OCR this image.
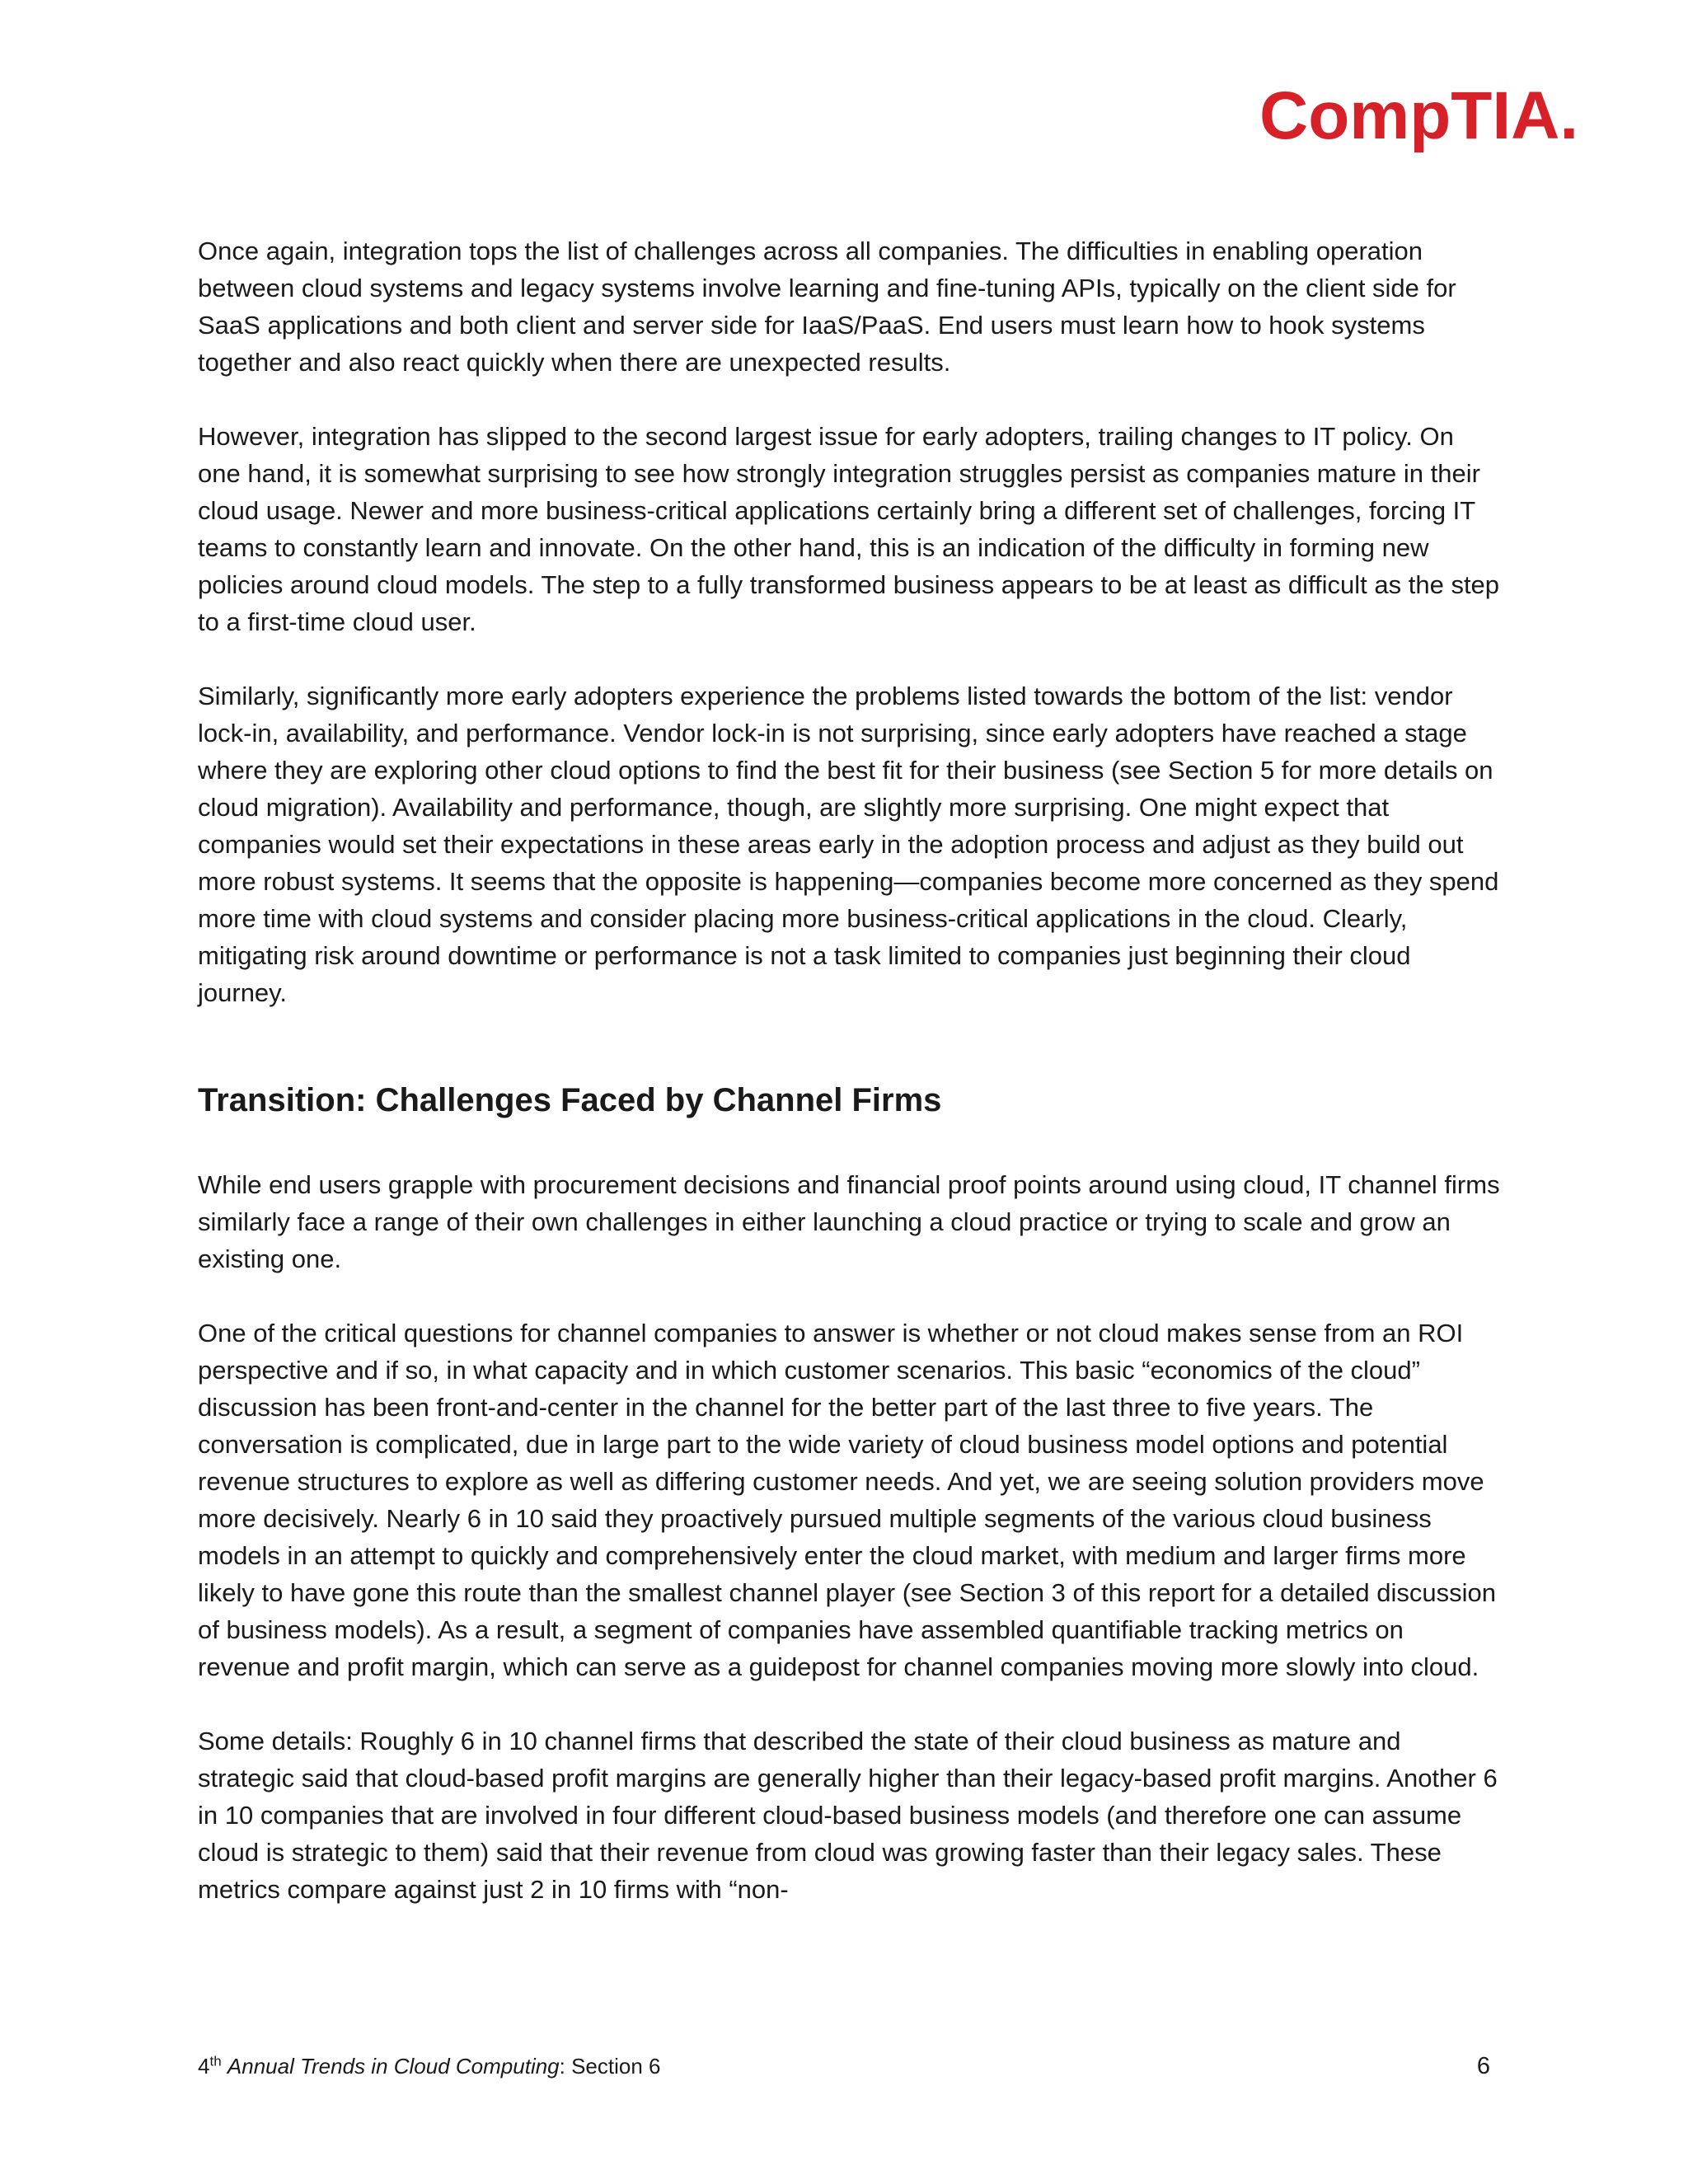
CompTIA.

Once again, integration tops the list of challenges across all companies. The difficulties in enabling operation between cloud systems and legacy systems involve learning and fine-tuning APIs, typically on the client side for SaaS applications and both client and server side for IaaS/PaaS. End users must learn how to hook systems together and also react quickly when there are unexpected results.

However, integration has slipped to the second largest issue for early adopters, trailing changes to IT policy. On one hand, it is somewhat surprising to see how strongly integration struggles persist as companies mature in their cloud usage. Newer and more business-critical applications certainly bring a different set of challenges, forcing IT teams to constantly learn and innovate. On the other hand, this is an indication of the difficulty in forming new policies around cloud models. The step to a fully transformed business appears to be at least as difficult as the step to a first-time cloud user.

Similarly, significantly more early adopters experience the problems listed towards the bottom of the list: vendor lock-in, availability, and performance. Vendor lock-in is not surprising, since early adopters have reached a stage where they are exploring other cloud options to find the best fit for their business (see Section 5 for more details on cloud migration). Availability and performance, though, are slightly more surprising. One might expect that companies would set their expectations in these areas early in the adoption process and adjust as they build out more robust systems. It seems that the opposite is happening—companies become more concerned as they spend more time with cloud systems and consider placing more business-critical applications in the cloud. Clearly, mitigating risk around downtime or performance is not a task limited to companies just beginning their cloud journey.

Transition: Challenges Faced by Channel Firms

While end users grapple with procurement decisions and financial proof points around using cloud, IT channel firms similarly face a range of their own challenges in either launching a cloud practice or trying to scale and grow an existing one.

One of the critical questions for channel companies to answer is whether or not cloud makes sense from an ROI perspective and if so, in what capacity and in which customer scenarios. This basic “economics of the cloud” discussion has been front-and-center in the channel for the better part of the last three to five years. The conversation is complicated, due in large part to the wide variety of cloud business model options and potential revenue structures to explore as well as differing customer needs. And yet, we are seeing solution providers move more decisively. Nearly 6 in 10 said they proactively pursued multiple segments of the various cloud business models in an attempt to quickly and comprehensively enter the cloud market, with medium and larger firms more likely to have gone this route than the smallest channel player (see Section 3 of this report for a detailed discussion of business models). As a result, a segment of companies have assembled quantifiable tracking metrics on revenue and profit margin, which can serve as a guidepost for channel companies moving more slowly into cloud.

Some details: Roughly 6 in 10 channel firms that described the state of their cloud business as mature and strategic said that cloud-based profit margins are generally higher than their legacy-based profit margins. Another 6 in 10 companies that are involved in four different cloud-based business models (and therefore one can assume cloud is strategic to them) said that their revenue from cloud was growing faster than their legacy sales. These metrics compare against just 2 in 10 firms with “non-

4th Annual Trends in Cloud Computing: Section 6	6
